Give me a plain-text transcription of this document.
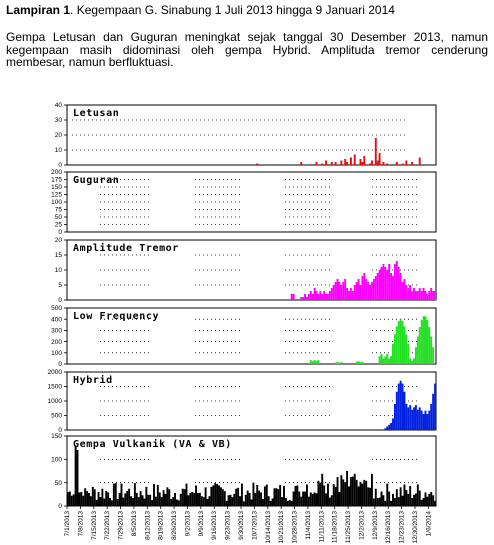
Lampiran 1. Kegempaan G. Sinabung 1 Juli 2013 hingga 9 Januari 2014
Gempa Letusan dan Guguran meningkat sejak tanggal 30 Desember 2013, namun kegempaan masih didominasi oleh gempa Hybrid. Amplituda tremor cenderung membesar, namun berfluktuasi.
0
10
20
30
40
Letusan
0
25
50
75
100
125
150
175
200
Guguran
0
5
10
15
20
Amplitude Tremor
0
100
200
300
400
500
Low Frequency
0
500
1000
1500
2000
Hybrid
0
50
100
150
Gempa Vulkanik (VA & VB)
7/1/2013 7/8/2013 7/15/2013 7/22/2013 7/29/2013 8/5/2013 8/12/2013 8/19/2013 8/26/2013 9/2/2013 9/9/2013 9/16/2013 9/23/2013 9/30/2013 10/7/2013 10/14/2013 10/21/2013 10/28/2013 11/4/2013 11/11/2013 11/18/2013 11/25/2013 12/2/2013 12/9/2013 12/16/2013 12/23/2013 12/30/2013 1/6/2014
